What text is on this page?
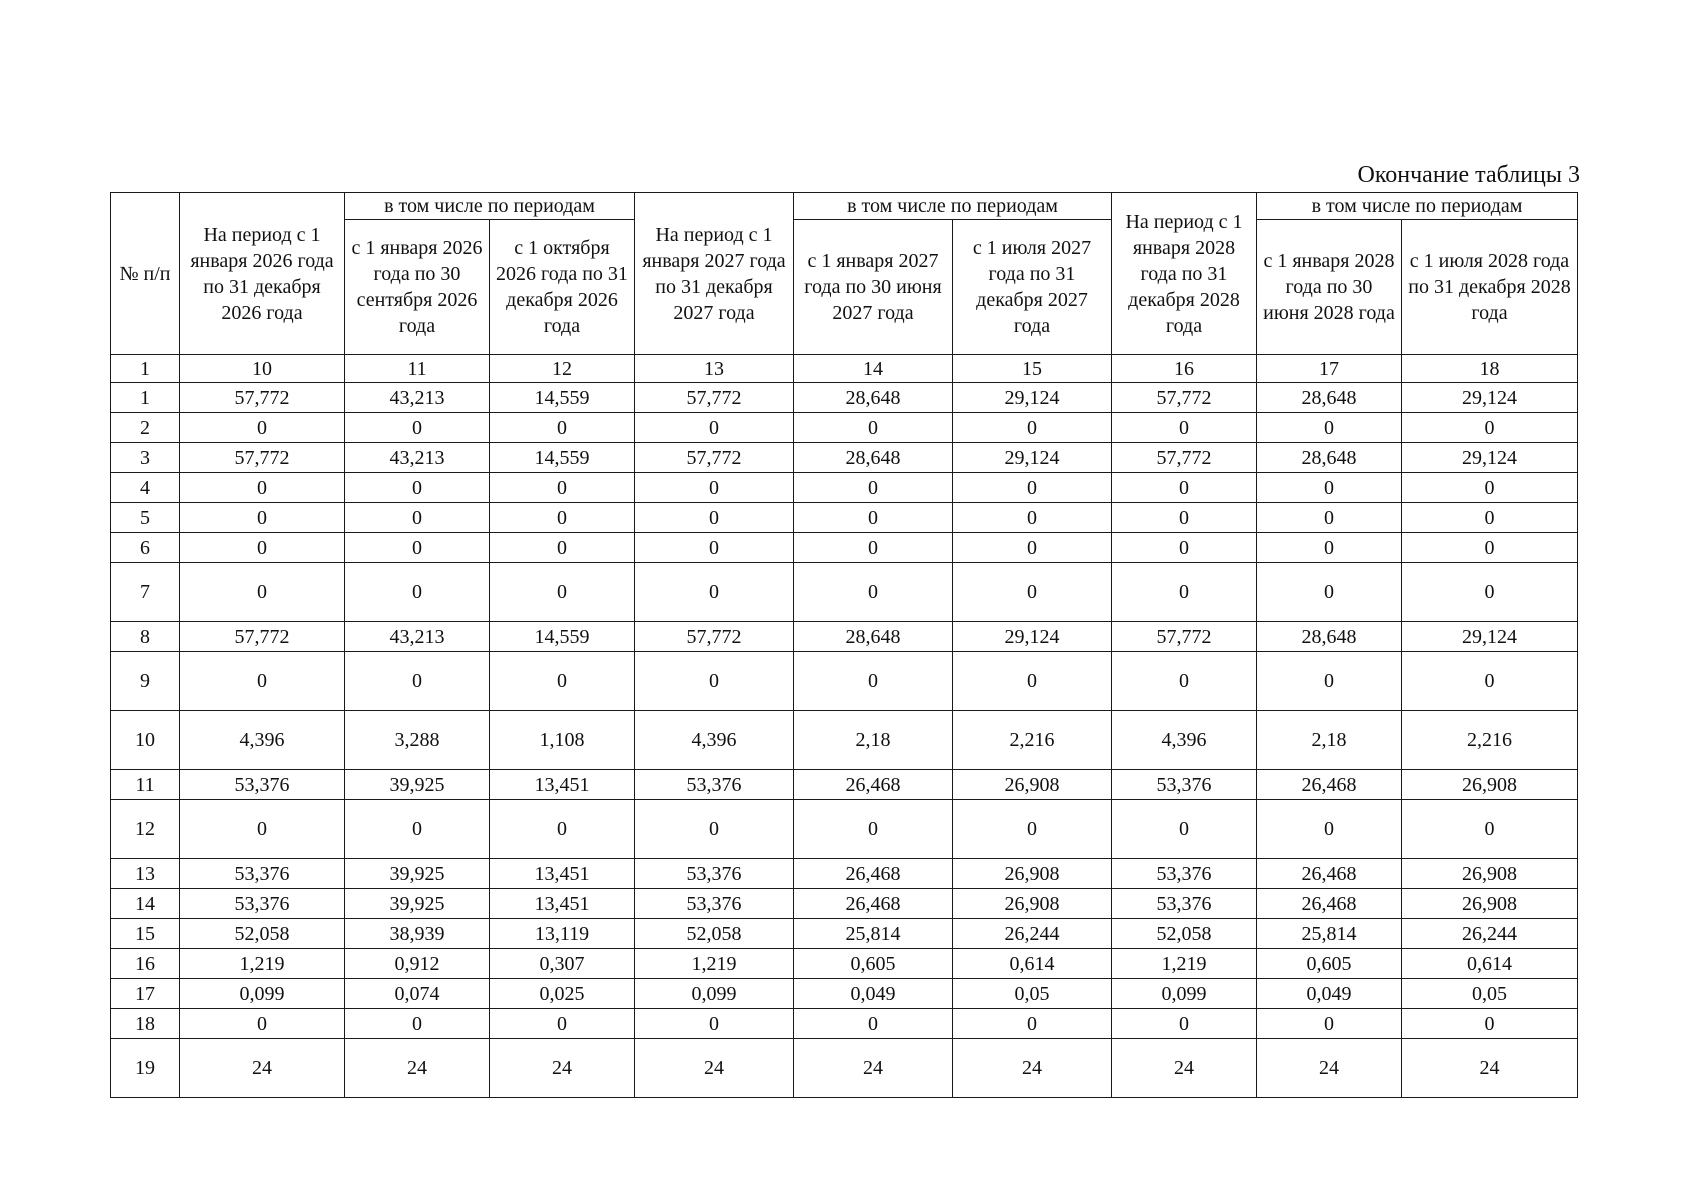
Окончание таблицы 3
№ п/п	На период с 1 января 2026 года по 31 декабря 2026 года	в том числе по периодам		На период с 1 января 2027 года по 31 декабря 2027 года	в том числе по периодам		На период с 1 января 2028 года по 31 декабря 2028 года	в том числе по периодам	
		с 1 января 2026 года по 30 сентября 2026 года	с 1 октября 2026 года по 31 декабря 2026 года		с 1 января 2027 года по 30 июня 2027 года	с 1 июля 2027 года по 31 декабря 2027 года		с 1 января 2028 года по 30 июня 2028 года	с 1 июля 2028 года по 31 декабря 2028 года
1	10	11	12	13	14	15	16	17	18
1	57,772	43,213	14,559	57,772	28,648	29,124	57,772	28,648	29,124
2	0	0	0	0	0	0	0	0	0
3	57,772	43,213	14,559	57,772	28,648	29,124	57,772	28,648	29,124
4	0	0	0	0	0	0	0	0	0
5	0	0	0	0	0	0	0	0	0
6	0	0	0	0	0	0	0	0	0
7	0	0	0	0	0	0	0	0	0
8	57,772	43,213	14,559	57,772	28,648	29,124	57,772	28,648	29,124
9	0	0	0	0	0	0	0	0	0
10	4,396	3,288	1,108	4,396	2,18	2,216	4,396	2,18	2,216
11	53,376	39,925	13,451	53,376	26,468	26,908	53,376	26,468	26,908
12	0	0	0	0	0	0	0	0	0
13	53,376	39,925	13,451	53,376	26,468	26,908	53,376	26,468	26,908
14	53,376	39,925	13,451	53,376	26,468	26,908	53,376	26,468	26,908
15	52,058	38,939	13,119	52,058	25,814	26,244	52,058	25,814	26,244
16	1,219	0,912	0,307	1,219	0,605	0,614	1,219	0,605	0,614
17	0,099	0,074	0,025	0,099	0,049	0,05	0,099	0,049	0,05
18	0	0	0	0	0	0	0	0	0
19	24	24	24	24	24	24	24	24	24
